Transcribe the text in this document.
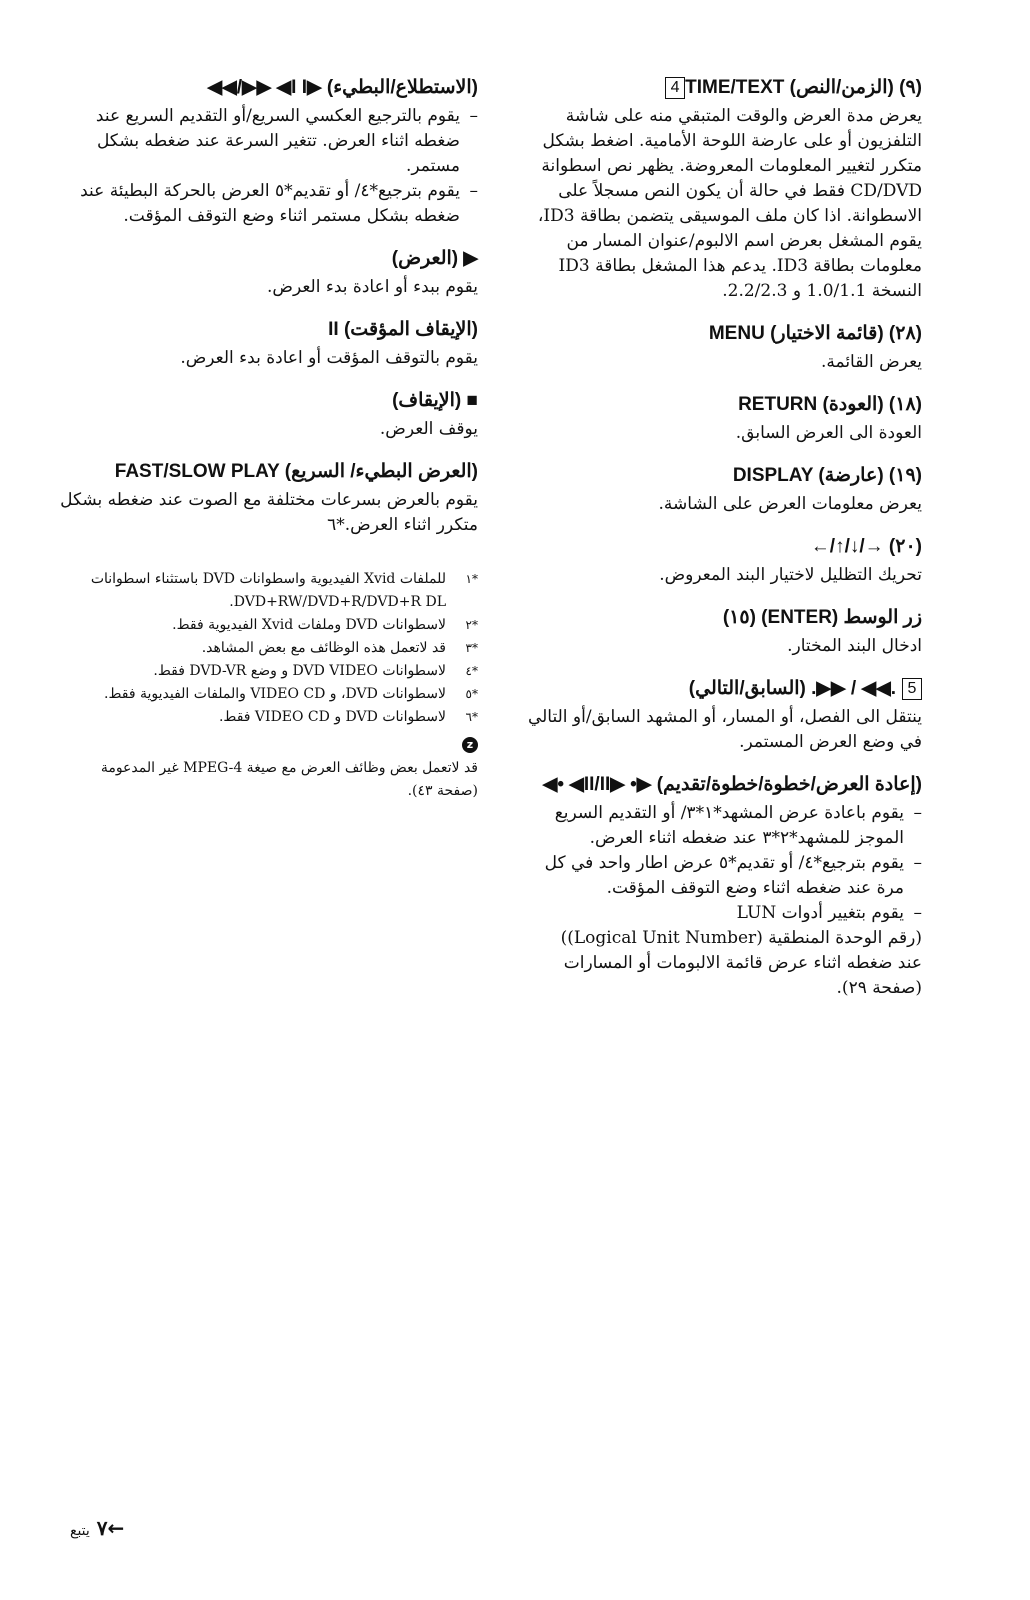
4 TIME/TEXT (الزمن/النص) (٩)
يعرض مدة العرض والوقت المتبقي منه على شاشة التلفزيون أو على عارضة اللوحة الأمامية. اضغط بشكل متكرر لتغيير المعلومات المعروضة. يظهر نص اسطوانة CD/DVD فقط في حالة أن يكون النص مسجلاً على الاسطوانة. اذا كان ملف الموسيقى يتضمن بطاقة ID3، يقوم المشغل بعرض اسم الالبوم/عنوان المسار من معلومات بطاقة ID3. يدعم هذا المشغل بطاقة ID3 النسخة 1.0/1.1 و 2.2/2.3.
MENU (قائمة الاختيار) (٢٨)
يعرض القائمة.
RETURN (العودة) (١٨)
العودة الى العرض السابق.
DISPLAY (عارضة) (١٩)
يعرض معلومات العرض على الشاشة.
←/↑/↓/→ (٢٠)
تحريك التظليل لاختيار البند المعروض.
زر الوسط (ENTER) (١٥)
ادخال البند المختار.
5.◀◀ / ▶▶. (السابق/التالي)
ينتقل الى الفصل، أو المسار، أو المشهد السابق/أو التالي في وضع العرض المستمر.
◀• ◀II/II▶ •▶ (إعادة العرض/خطوة/خطوة/تقديم)

– يقوم باعادة عرض المشهد*١*٣/ أو التقديم السريع الموجز للمشهد*٢*٣ عند ضغطه اثناء العرض.

– يقوم بترجيع*٤/ أو تقديم*٥ عرض اطار واحد في كل مرة عند ضغطه اثناء وضع التوقف المؤقت.

– يقوم بتغيير أدوات LUN

(رقم الوحدة المنطقية (Logical Unit Number))

عند ضغطه اثناء عرض قائمة الالبومات أو المسارات (صفحة ٢٩).

◀◀/▶▶ ◀I I▶ (الاستطلاع/البطيء)

– يقوم بالترجيع العكسي السريع/أو التقديم السريع عند ضغطه اثناء العرض. تتغير السرعة عند ضغطه بشكل مستمر.

– يقوم بترجيع*٤/ أو تقديم*٥ العرض بالحركة البطيئة عند ضغطه بشكل مستمر اثناء وضع التوقف المؤقت.

▶ (العرض)
يقوم ببدء أو اعادة بدء العرض.
II (الإيقاف المؤقت)
يقوم بالتوقف المؤقت أو اعادة بدء العرض.
■ (الإيقاف)
يوقف العرض.
FAST/SLOW PLAY (العرض البطيء/ السريع)
يقوم بالعرض بسرعات مختلفة مع الصوت عند ضغطه بشكل متكرر اثناء العرض.*٦
*١
للملفات Xvid الفيديوية واسطوانات DVD باستثناء اسطوانات DVD+RW/DVD+R/DVD+R DL.
*٢
لاسطوانات DVD وملفات Xvid الفيديوية فقط.
*٣
قد لاتعمل هذه الوظائف مع بعض المشاهد.
*٤
لاسطوانات DVD VIDEO و وضع DVD-VR فقط.
*٥
لاسطوانات DVD، و VIDEO CD والملفات الفيديوية فقط.
*٦
لاسطوانات DVD و VIDEO CD فقط.
z
قد لاتعمل بعض وظائف العرض مع صيغة MPEG-4 غير المدعومة (صفحة ٤٣).
٧ يتبع ←
